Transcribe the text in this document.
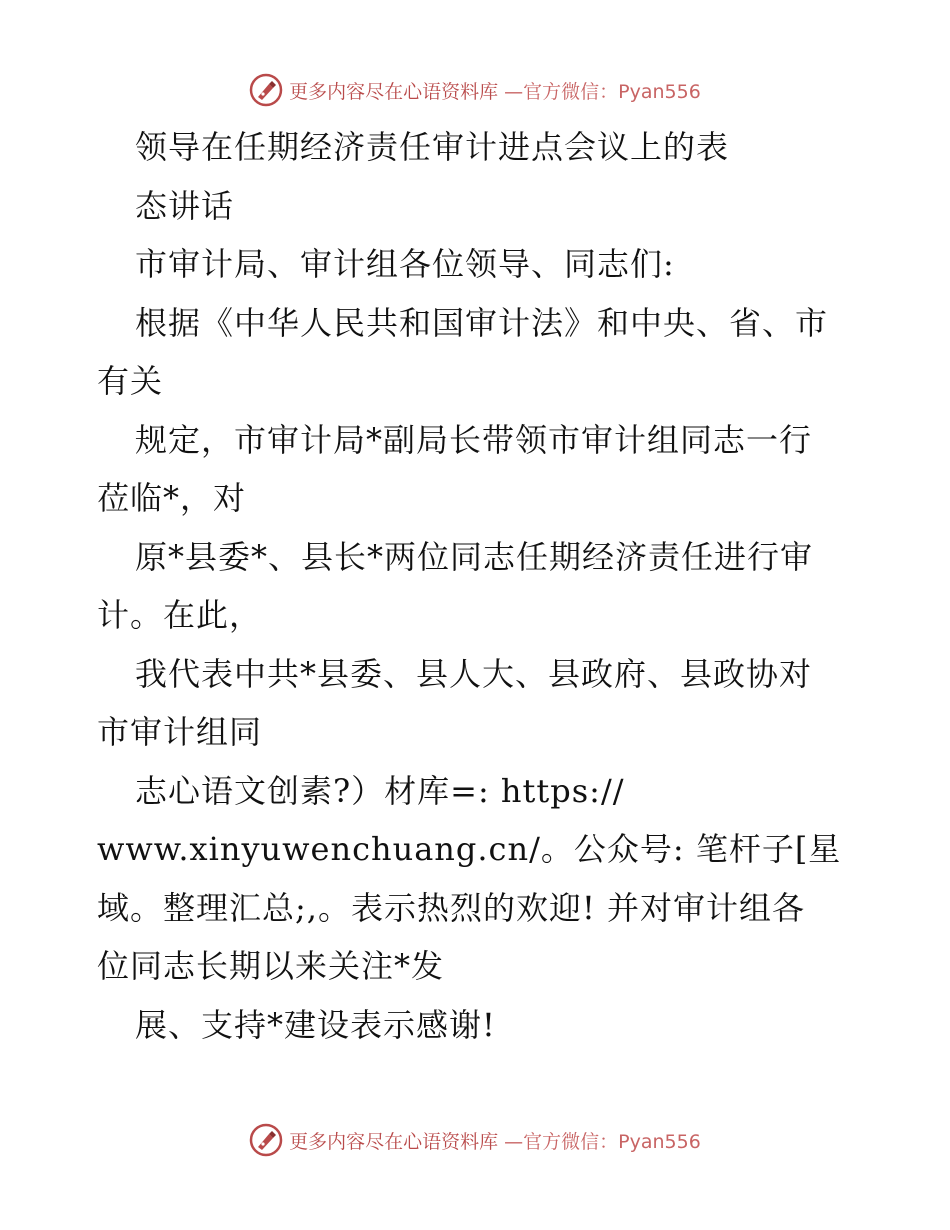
更多内容尽在心语资料库 —官方微信：Pyan556
领导在任期经济责任审计进点会议上的表
态讲话
市审计局、审计组各位领导、同志们:
根据《中华人民共和国审计法》和中央、省、市
有关
规定，市审计局*副局长带领市审计组同志一行
莅临*，对
原*县委*、县长*两位同志任期经济责任进行审
计。在此，
我代表中共*县委、县人大、县政府、县政协对
市审计组同
志心语文创素?）材库=: https://
www.xinyuwenchuang.cn/。公众号: 笔杆子[星
域。整理汇总;,。表示热烈的欢迎! 并对审计组各
位同志长期以来关注*发
展、支持*建设表示感谢!
更多内容尽在心语资料库 —官方微信：Pyan556
